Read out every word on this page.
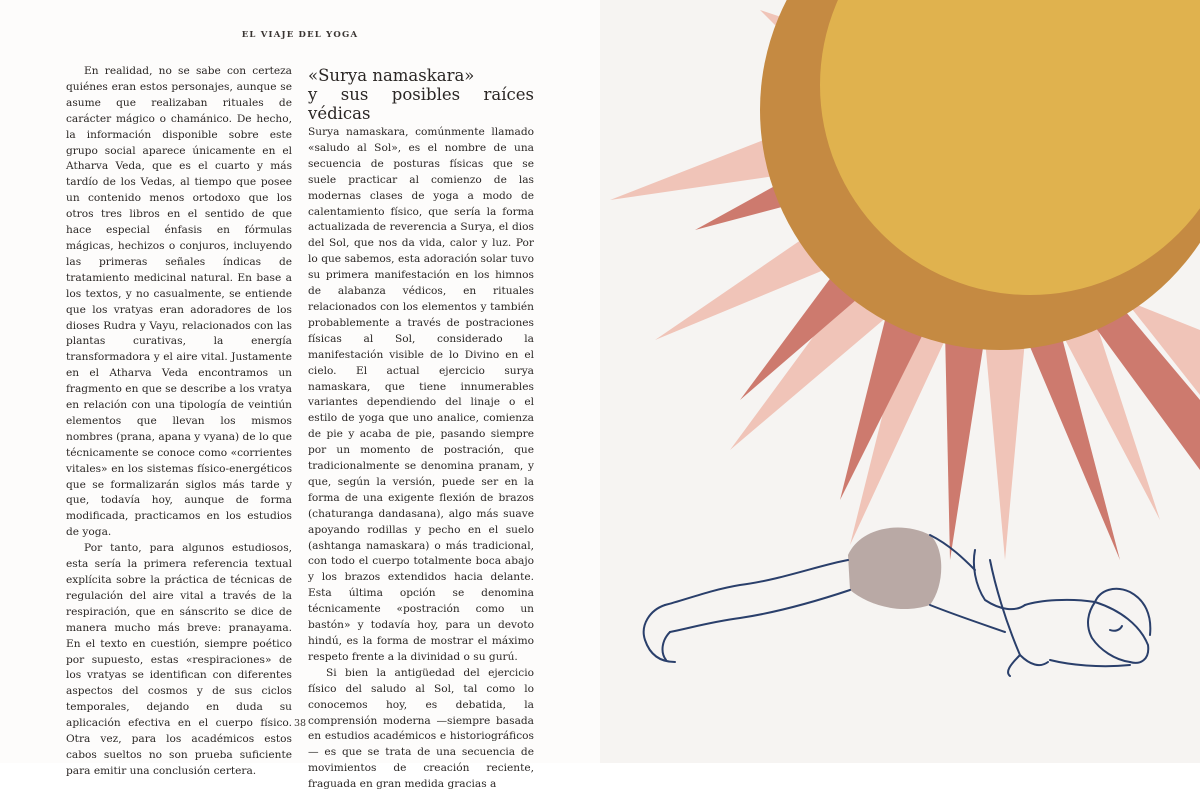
EL VIAJE DEL YOGA

En realidad, no se sabe con certeza quiénes eran estos personajes, aunque se asume que realizaban rituales de carácter mágico o chamánico. De hecho, la información disponible sobre este grupo social aparece únicamente en el Atharva Veda, que es el cuarto y más tardío de los Vedas, al tiempo que posee un contenido menos ortodoxo que los otros tres libros en el sentido de que hace especial énfasis en fórmulas mágicas, hechizos o conjuros, incluyendo las primeras señales índicas de tratamiento medicinal natural. En base a los textos, y no casualmente, se entiende que los vratyas eran adoradores de los dioses Rudra y Vayu, relacionados con las plantas curativas, la energía transformadora y el aire vital. Justamente en el Atharva Veda encontramos un fragmento en que se describe a los vratya en relación con una tipología de veintiún elementos que llevan los mismos nombres (prana, apana y vyana) de lo que técnicamente se conoce como «corrientes vitales» en los sistemas físico-energéticos que se formalizarán siglos más tarde y que, todavía hoy, aunque de forma modificada, practicamos en los estudios de yoga.

Por tanto, para algunos estudiosos, esta sería la primera referencia textual explícita sobre la práctica de técnicas de regulación del aire vital a través de la respiración, que en sánscrito se dice de manera mucho más breve: pranayama. En el texto en cuestión, siempre poético por supuesto, estas «respiraciones» de los vratyas se identifican con diferentes aspectos del cosmos y de sus ciclos temporales, dejando en duda su aplicación efectiva en el cuerpo físico. Otra vez, para los académicos estos cabos sueltos no son prueba suficiente para emitir una conclusión certera.

«Surya namaskara»
y sus posibles raíces védicas

Surya namaskara, comúnmente llamado «saludo al Sol», es el nombre de una secuencia de posturas físicas que se suele practicar al comienzo de las modernas clases de yoga a modo de calentamiento físico, que sería la forma actualizada de reverencia a Surya, el dios del Sol, que nos da vida, calor y luz. Por lo que sabemos, esta adoración solar tuvo su primera manifestación en los himnos de alabanza védicos, en rituales relacionados con los elementos y también probablemente a través de postraciones físicas al Sol, considerado la manifestación visible de lo Divino en el cielo. El actual ejercicio surya namaskara, que tiene innumerables variantes dependiendo del linaje o el estilo de yoga que uno analice, comienza de pie y acaba de pie, pasando siempre por un momento de postración, que tradicionalmente se denomina pranam, y que, según la versión, puede ser en la forma de una exigente flexión de brazos (chaturanga dandasana), algo más suave apoyando rodillas y pecho en el suelo (ashtanga namaskara) o más tradicional, con todo el cuerpo totalmente boca abajo y los brazos extendidos hacia delante. Esta última opción se denomina técnicamente «postración como un bastón» y todavía hoy, para un devoto hindú, es la forma de mostrar el máximo respeto frente a la divinidad o su gurú.

Si bien la antigüedad del ejercicio físico del saludo al Sol, tal como lo conocemos hoy, es debatida, la comprensión moderna —siempre basada en estudios académicos e historiográficos— es que se trata de una secuencia de movimientos de creación reciente, fraguada en gran medida gracias a

38
